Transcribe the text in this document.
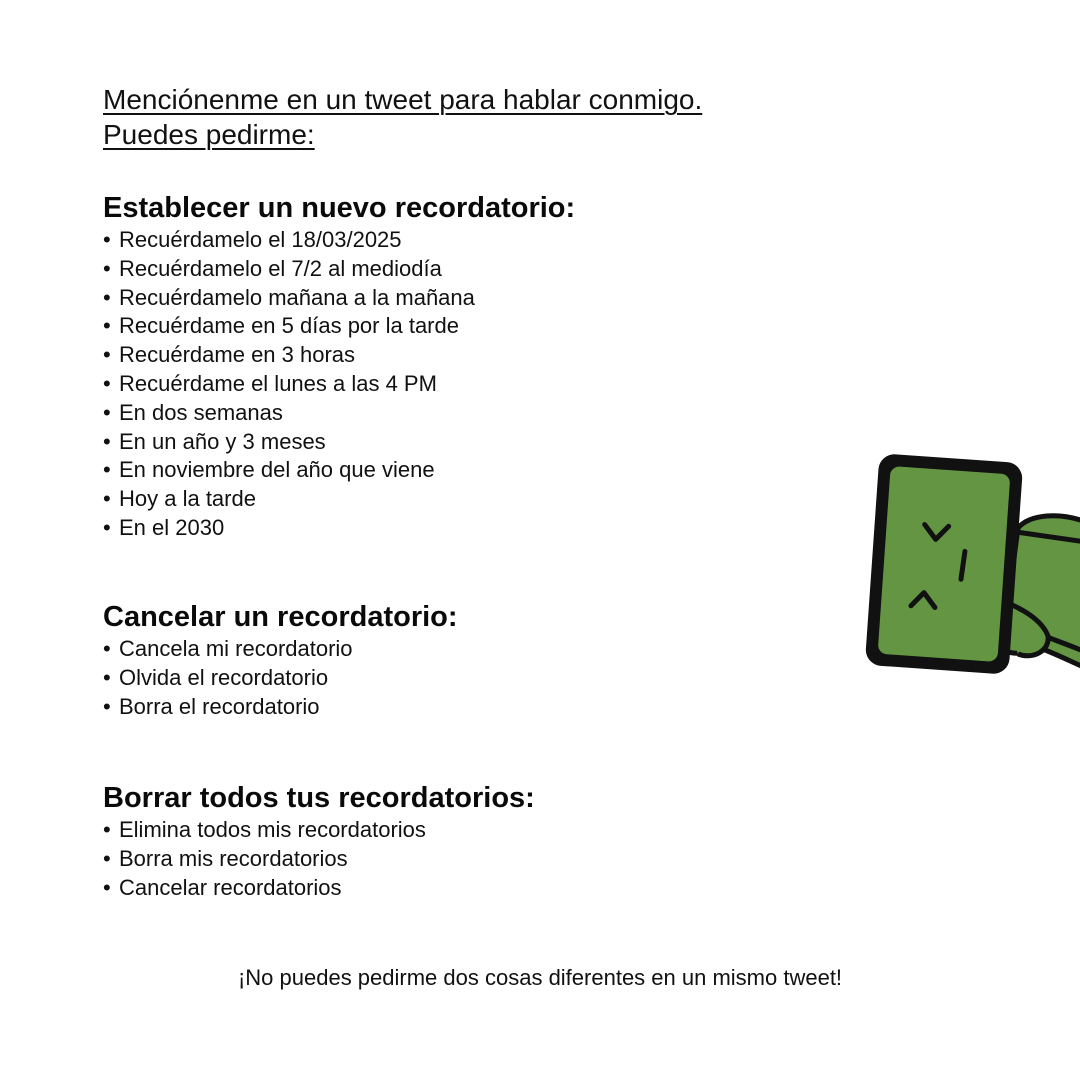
Menciónenme en un tweet para hablar conmigo.
Puedes pedirme:
Establecer un nuevo recordatorio:
• Recuérdamelo el 18/03/2025
• Recuérdamelo el 7/2 al mediodía
• Recuérdamelo mañana a la mañana
• Recuérdame en 5 días por la tarde
• Recuérdame en 3 horas
• Recuérdame el lunes a las 4 PM
• En dos semanas
• En un año y 3 meses
• En noviembre del año que viene
• Hoy a la tarde
• En el 2030
Cancelar un recordatorio:
• Cancela mi recordatorio
• Olvida el recordatorio
• Borra el recordatorio
Borrar todos tus recordatorios:
• Elimina todos mis recordatorios
• Borra mis recordatorios
• Cancelar recordatorios
¡No puedes pedirme dos cosas diferentes en un mismo tweet!
